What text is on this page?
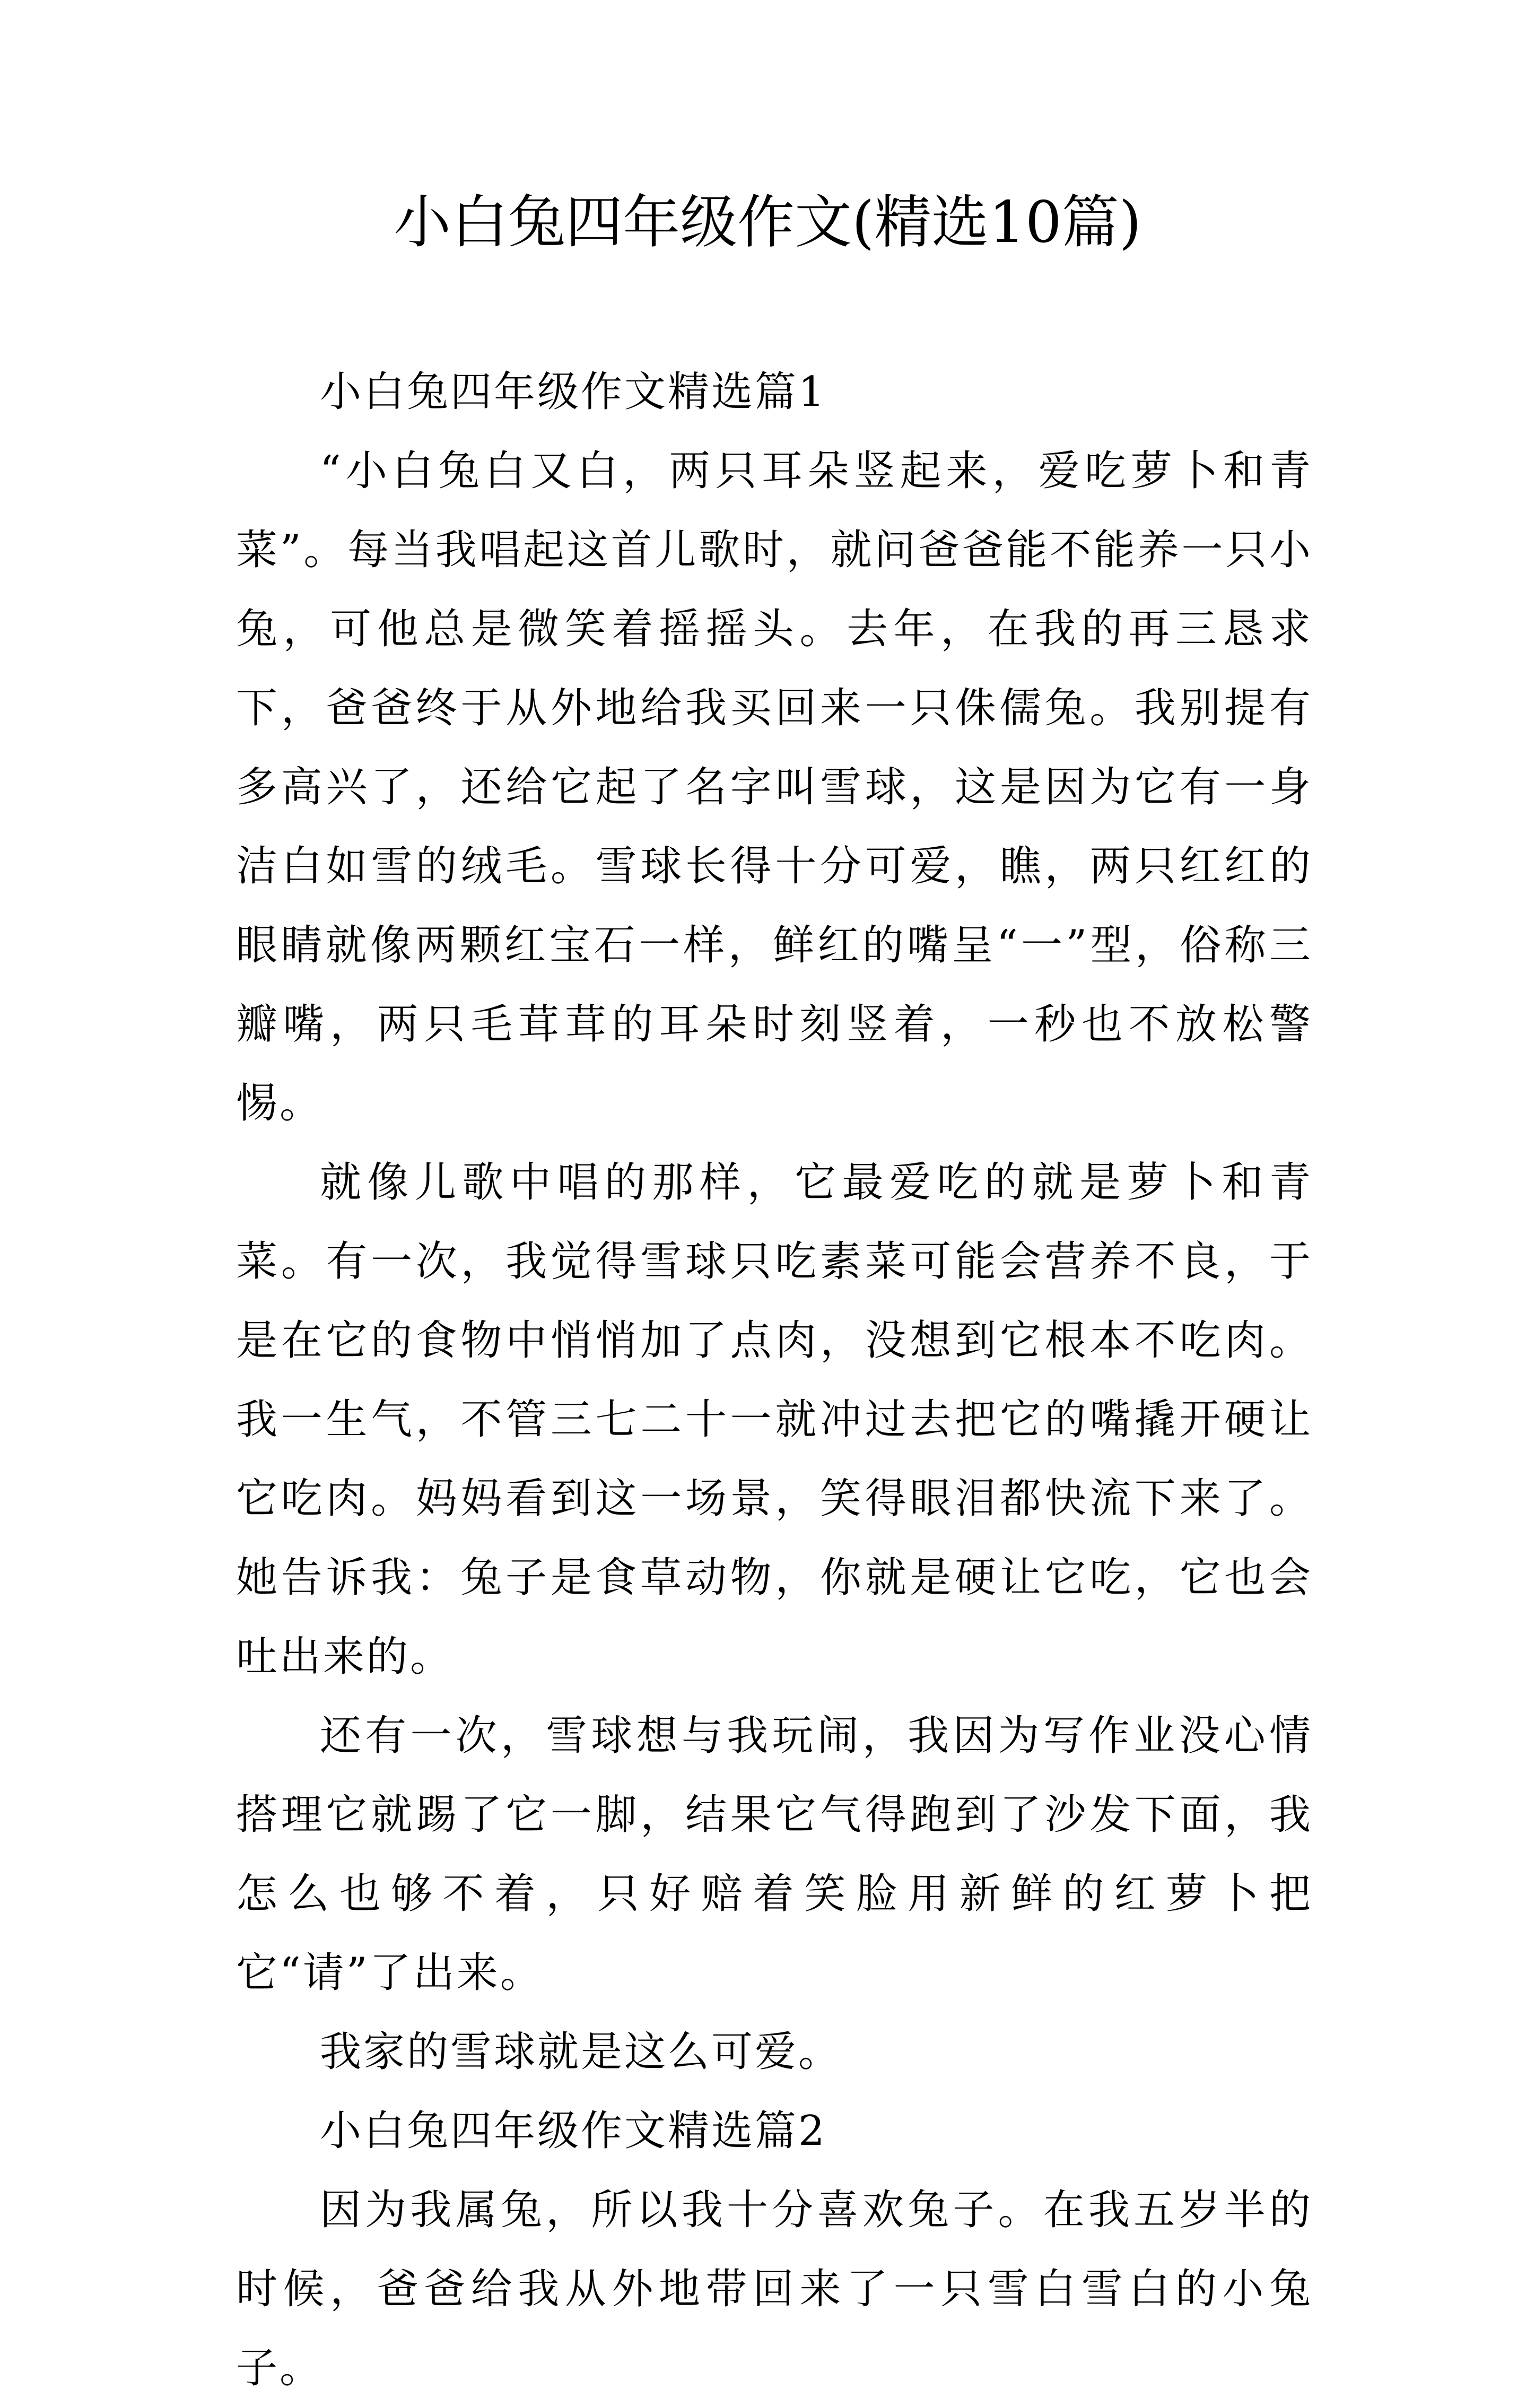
小白兔四年级作文(精选10篇)
小白兔四年级作文精选篇1

“小白兔白又白，两只耳朵竖起来，爱吃萝卜和青菜”。每当我唱起这首儿歌时，就问爸爸能不能养一只小兔，可他总是微笑着摇摇头。去年，在我的再三恳求下，爸爸终于从外地给我买回来一只侏儒兔。我别提有多高兴了，还给它起了名字叫雪球，这是因为它有一身洁白如雪的绒毛。雪球长得十分可爱，瞧，两只红红的眼睛就像两颗红宝石一样，鲜红的嘴呈“一”型，俗称三瓣嘴，两只毛茸茸的耳朵时刻竖着，一秒也不放松警惕。

就像儿歌中唱的那样，它最爱吃的就是萝卜和青菜。有一次，我觉得雪球只吃素菜可能会营养不良，于是在它的食物中悄悄加了点肉，没想到它根本不吃肉。我一生气，不管三七二十一就冲过去把它的嘴撬开硬让它吃肉。妈妈看到这一场景，笑得眼泪都快流下来了。她告诉我：兔子是食草动物，你就是硬让它吃，它也会吐出来的。

还有一次，雪球想与我玩闹，我因为写作业没心情搭理它就踢了它一脚，结果它气得跑到了沙发下面，我怎么也够不着，只好赔着笑脸用新鲜的红萝卜把它“请”了出来。

我家的雪球就是这么可爱。

小白兔四年级作文精选篇2

因为我属兔，所以我十分喜欢兔子。在我五岁半的时候，爸爸给我从外地带回来了一只雪白雪白的小兔子。
